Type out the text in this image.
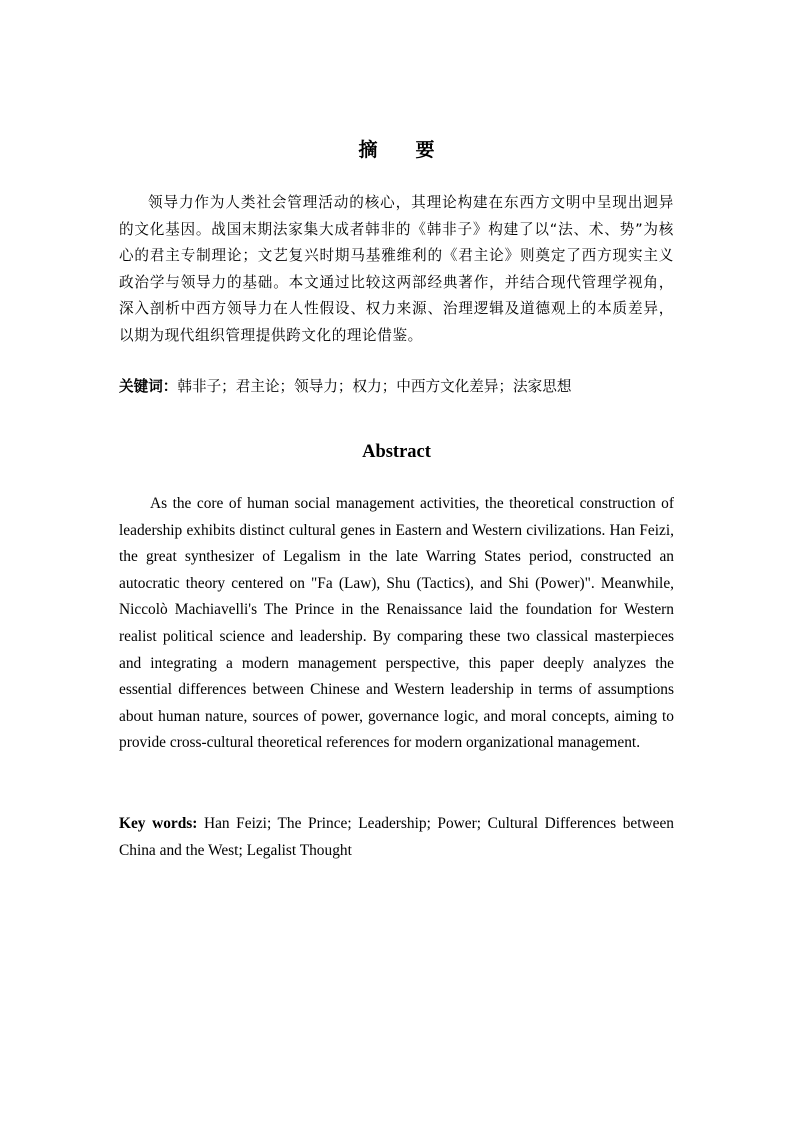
摘要

领导力作为人类社会管理活动的核心，其理论构建在东西方文明中呈现出迥异的文化基因。战国末期法家集大成者韩非的《韩非子》构建了以“法、术、势”为核心的君主专制理论；文艺复兴时期马基雅维利的《君主论》则奠定了西方现实主义政治学与领导力的基础。本文通过比较这两部经典著作，并结合现代管理学视角，深入剖析中西方领导力在人性假设、权力来源、治理逻辑及道德观上的本质差异，以期为现代组织管理提供跨文化的理论借鉴。

关键词：韩非子；君主论；领导力；权力；中西方文化差异；法家思想

Abstract

As the core of human social management activities, the theoretical construction of leadership exhibits distinct cultural genes in Eastern and Western civilizations. Han Feizi, the great synthesizer of Legalism in the late Warring States period, constructed an autocratic theory centered on "Fa (Law), Shu (Tactics), and Shi (Power)". Meanwhile, Niccolò Machiavelli's The Prince in the Renaissance laid the foundation for Western realist political science and leadership. By comparing these two classical masterpieces and integrating a modern management perspective, this paper deeply analyzes the essential differences between Chinese and Western leadership in terms of assumptions about human nature, sources of power, governance logic, and moral concepts, aiming to provide cross-cultural theoretical references for modern organizational management.

Key words: Han Feizi; The Prince; Leadership; Power; Cultural Differences between China and the West; Legalist Thought
